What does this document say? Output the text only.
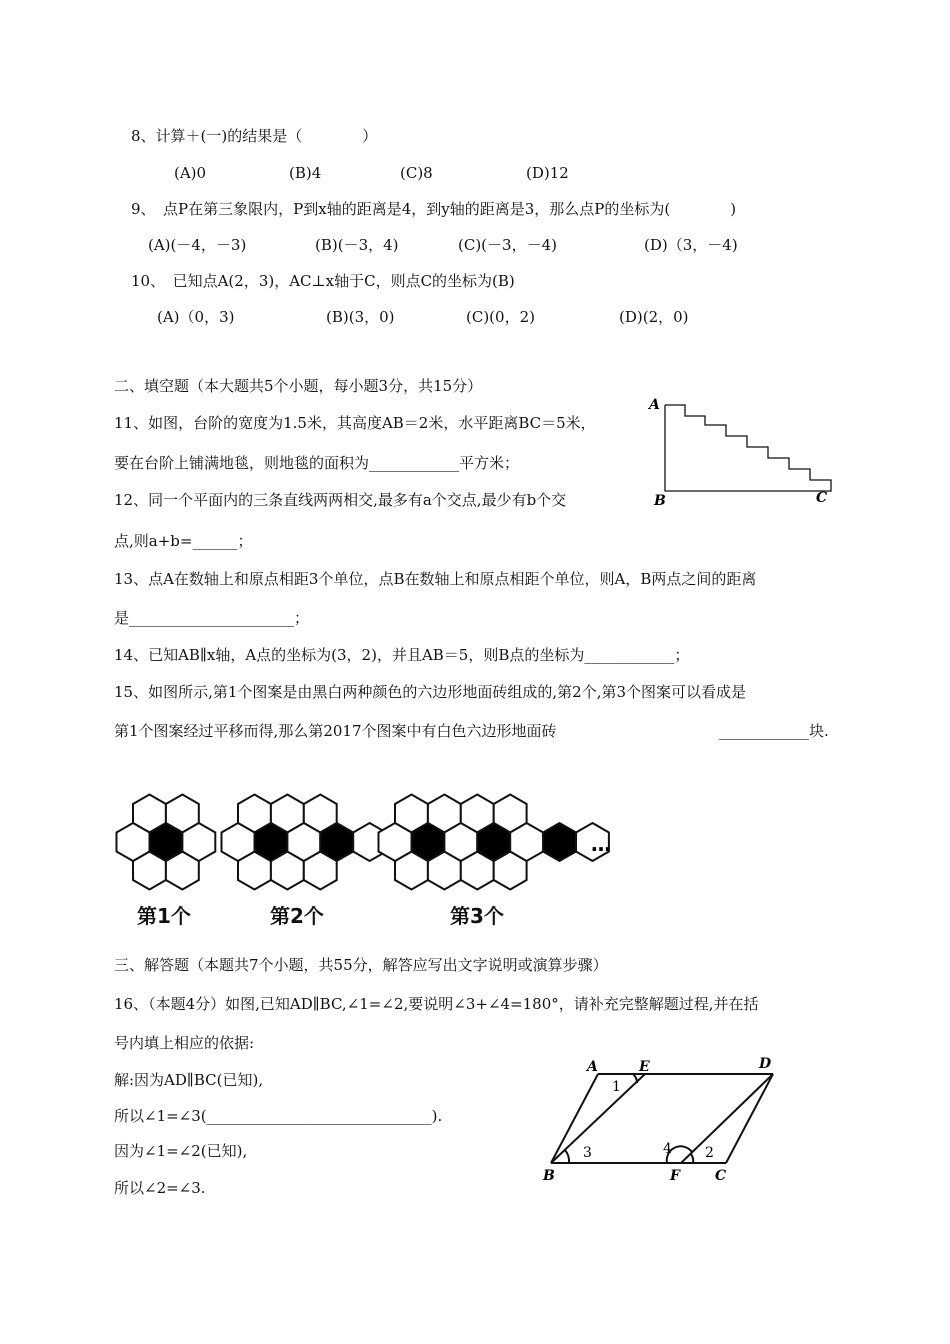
8、计算＋(一)的结果是（　　　　）
(A)0	(B)4	(C)8	(D)12
9、　点P在第三象限内，P到x轴的距离是4，到y轴的距离是3，那么点P的坐标为(　　　　)
(A)(－4，－3)	(B)(－3，4)	(C)(－3，－4)	(D)（3，－4)
10、　已知点A(2，3)，AC⊥x轴于C，则点C的坐标为(B)
(A)（0，3)	(B)(3，0)	(C)(0，2)	(D)(2，0)
二、填空题（本大题共5个小题，每小题3分，共15分）
11、如图，台阶的宽度为1.5米，其高度AB＝2米，水平距离BC＝5米，
要在台阶上铺满地毯，则地毯的面积为____________平方米；
12、同一个平面内的三条直线两两相交,最多有a个交点,最少有b个交
点,则a+b=______；
13、点A在数轴上和原点相距3个单位，点B在数轴上和原点相距个单位，则A，B两点之间的距离
是______________________；
14、已知AB∥x轴，A点的坐标为(3，2)，并且AB＝5，则B点的坐标为____________；
15、如图所示,第1个图案是由黑白两种颜色的六边形地面砖组成的,第2个,第3个图案可以看成是
第1个图案经过平移而得,那么第2017个图案中有白色六边形地面砖	____________块.
A
B	C
…
第1个	第2个	第3个
三、解答题（本题共7个小题，共55分，解答应写出文字说明或演算步骤）
16、（本题4分）如图,已知AD∥BC,∠1=∠2,要说明∠3+∠4=180°，请补充完整解题过程,并在括
号内填上相应的依据:
解:因为AD∥BC(已知),
所以∠1=∠3(______________________________).
因为∠1=∠2(已知),
所以∠2=∠3.
A	E	D
B	F	C
1
2
3	4
